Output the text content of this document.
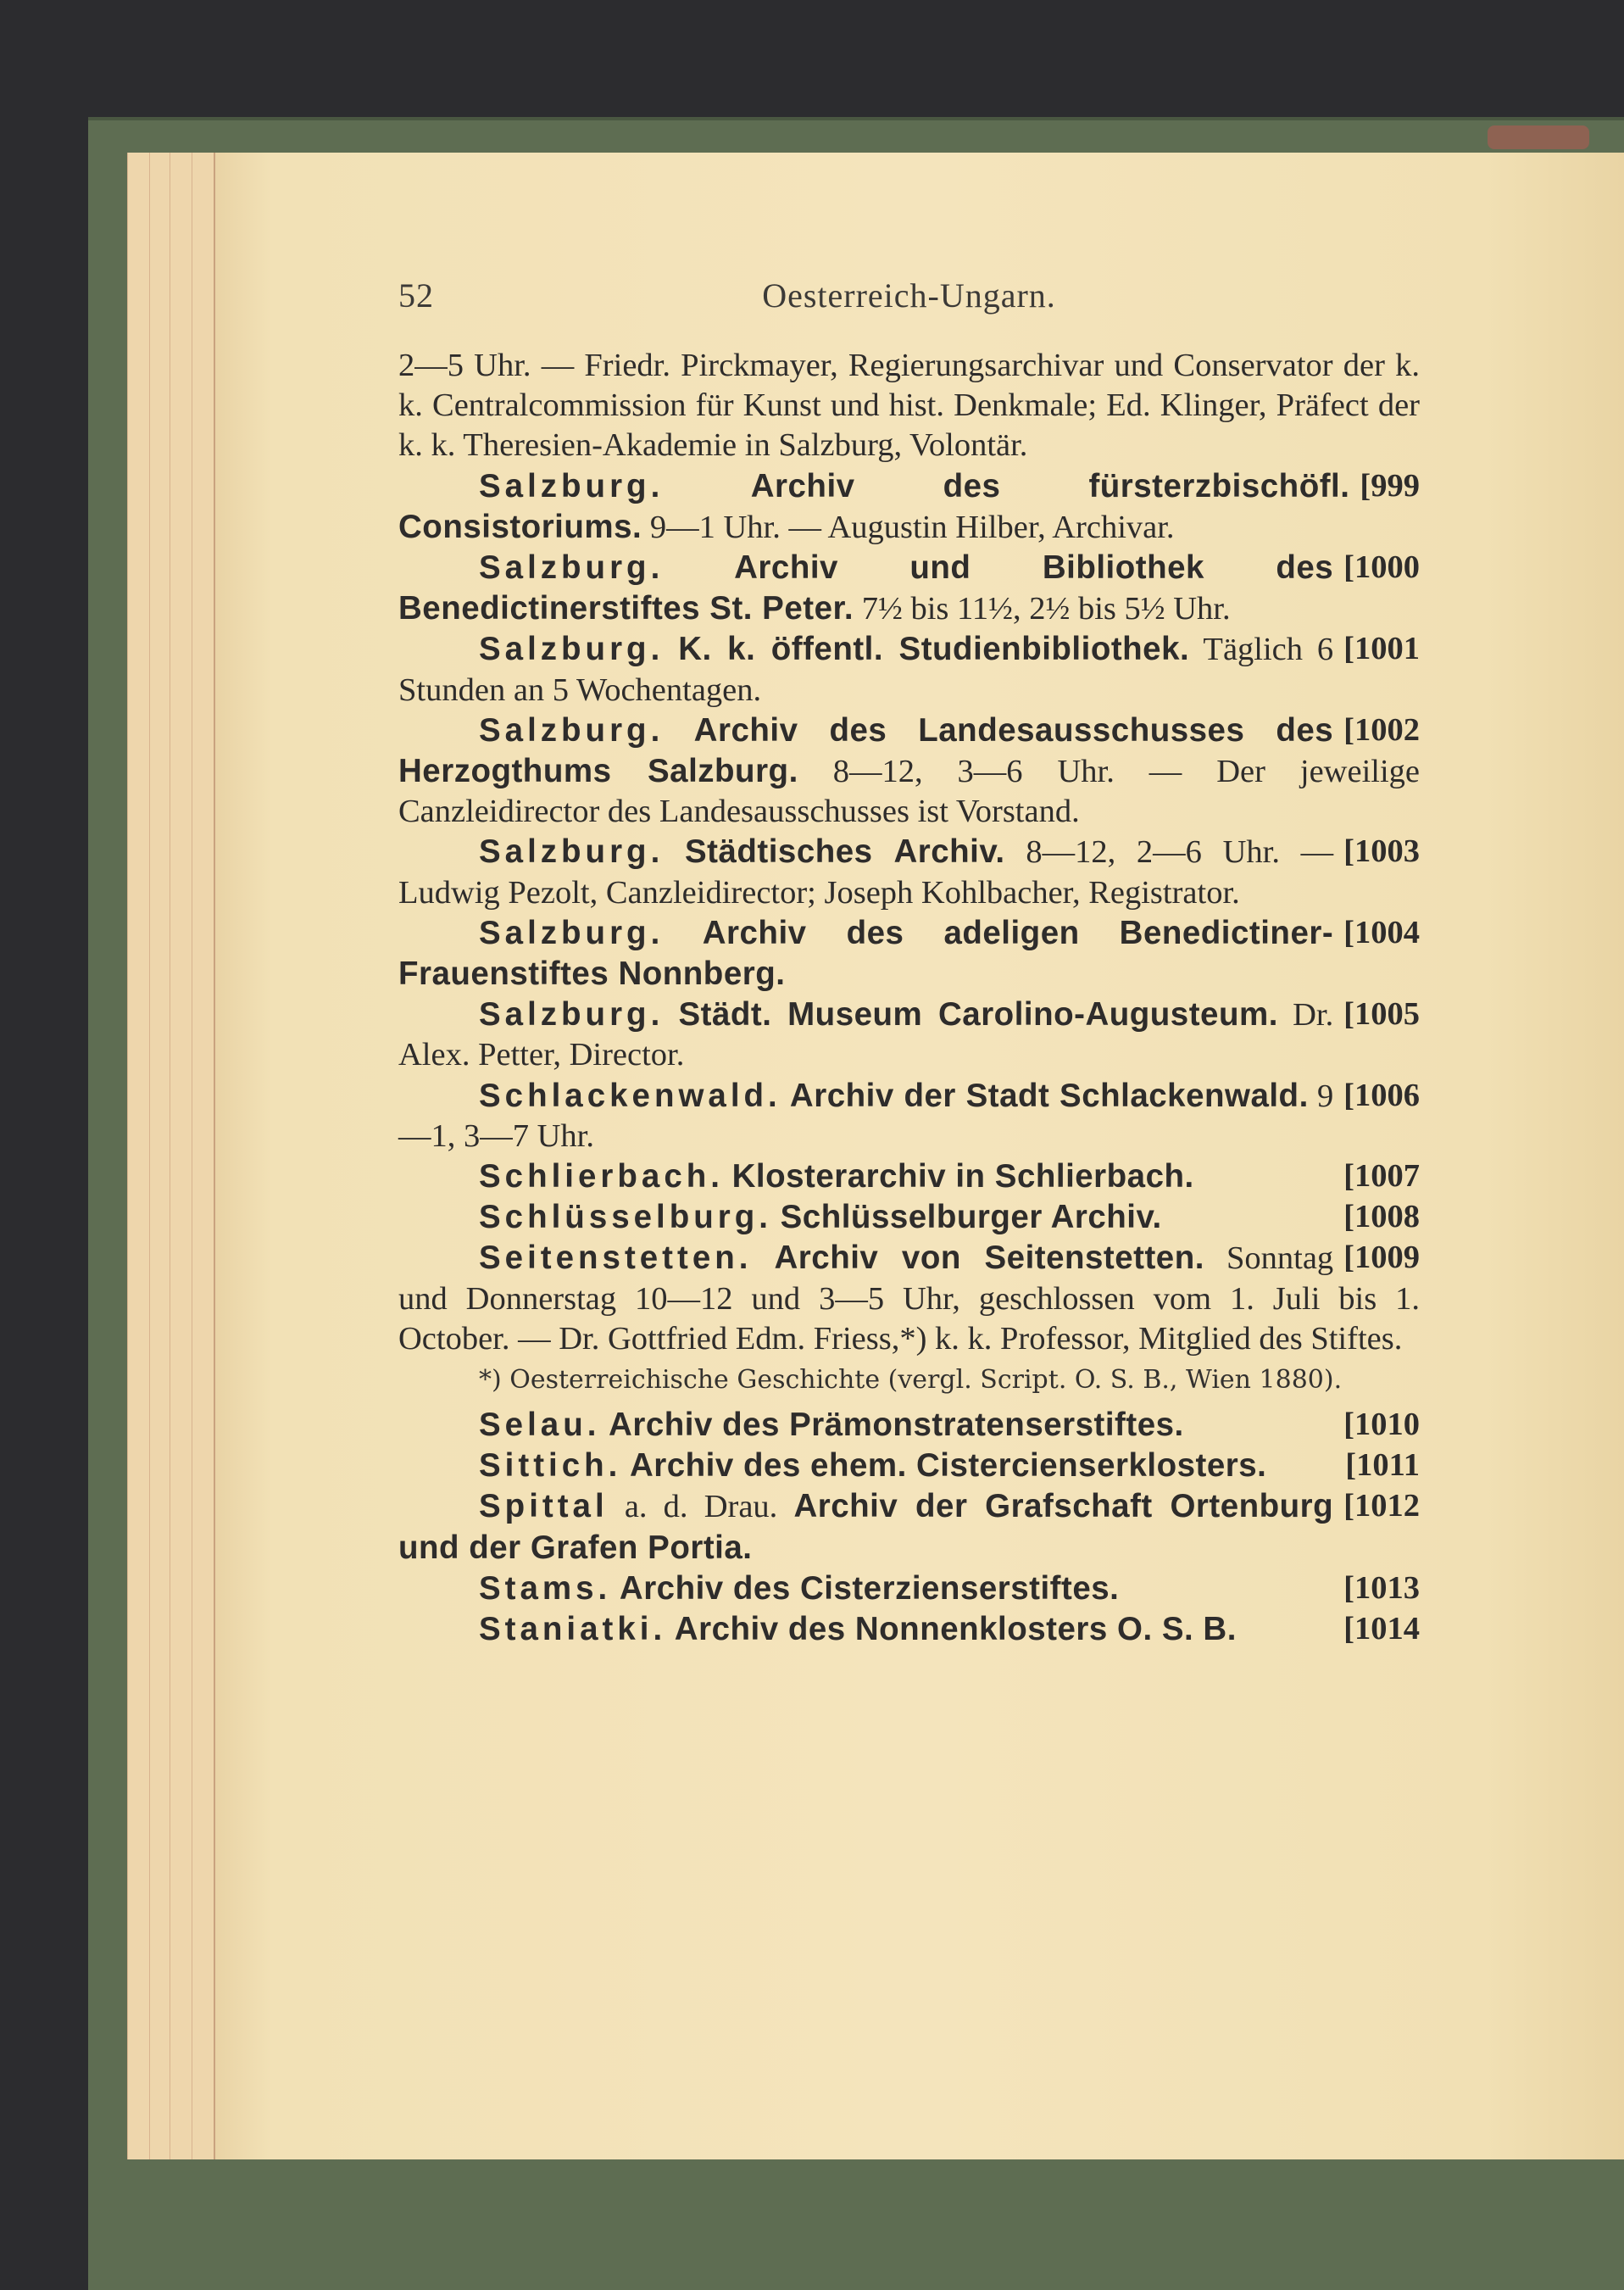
52	Oesterreich-Ungarn.

2—5 Uhr. — Friedr. Pirckmayer, Regierungsarchivar und Conservator der k. k. Centralcommission für Kunst und hist. Denkmale; Ed. Klinger, Präfect der k. k. Theresien-Akademie in Salzburg, Volontär.

[999
Salzburg.	Archiv des fürsterzbischöfl. Consistoriums. 9—1 Uhr. — Augustin Hilber, Archivar.

[1000
Salzburg. Archiv und Bibliothek des Benedictinerstiftes St. Peter. 7½ bis 11½, 2½ bis 5½ Uhr.

[1001
Salzburg. K. k. öffentl. Studienbibliothek. Täglich 6 Stunden an 5 Wochentagen.

[1002
Salzburg. Archiv des Landesausschusses des Herzogthums Salzburg. 8—12, 3—6 Uhr. — Der jeweilige Canzleidirector des Landesausschusses ist Vorstand.

[1003
Salzburg. Städtisches Archiv. 8—12, 2—6 Uhr. — Ludwig Pezolt, Canzleidirector; Joseph Kohlbacher, Registrator.

[1004
Salzburg. Archiv des adeligen Benedictiner-Frauenstiftes Nonnberg.

[1005
Salzburg. Städt. Museum Carolino-Augusteum. Dr. Alex. Petter, Director.

[1006
Schlackenwald. Archiv der Stadt Schlackenwald. 9—1, 3—7 Uhr.

[1007
Schlierbach. Klosterarchiv in Schlierbach.

[1008
Schlüsselburg. Schlüsselburger Archiv.

[1009
Seitenstetten. Archiv von Seitenstetten. Sonntag und Donnerstag 10—12 und 3—5 Uhr, geschlossen vom 1. Juli bis 1. October. — Dr. Gottfried Edm. Friess,*) k. k. Professor, Mitglied des Stiftes.

*) Oesterreichische Geschichte (vergl. Script. O. S. B., Wien 1880).

[1010
Selau. Archiv des Prämonstratenserstiftes.

[1011
Sittich. Archiv des ehem. Cistercienserklosters.

[1012
Spittal a. d. Drau. Archiv der Grafschaft Ortenburg und der Grafen Portia.

[1013
Stams. Archiv des Cisterzienserstiftes.

[1014
Staniatki. Archiv des Nonnenklosters O. S. B.
